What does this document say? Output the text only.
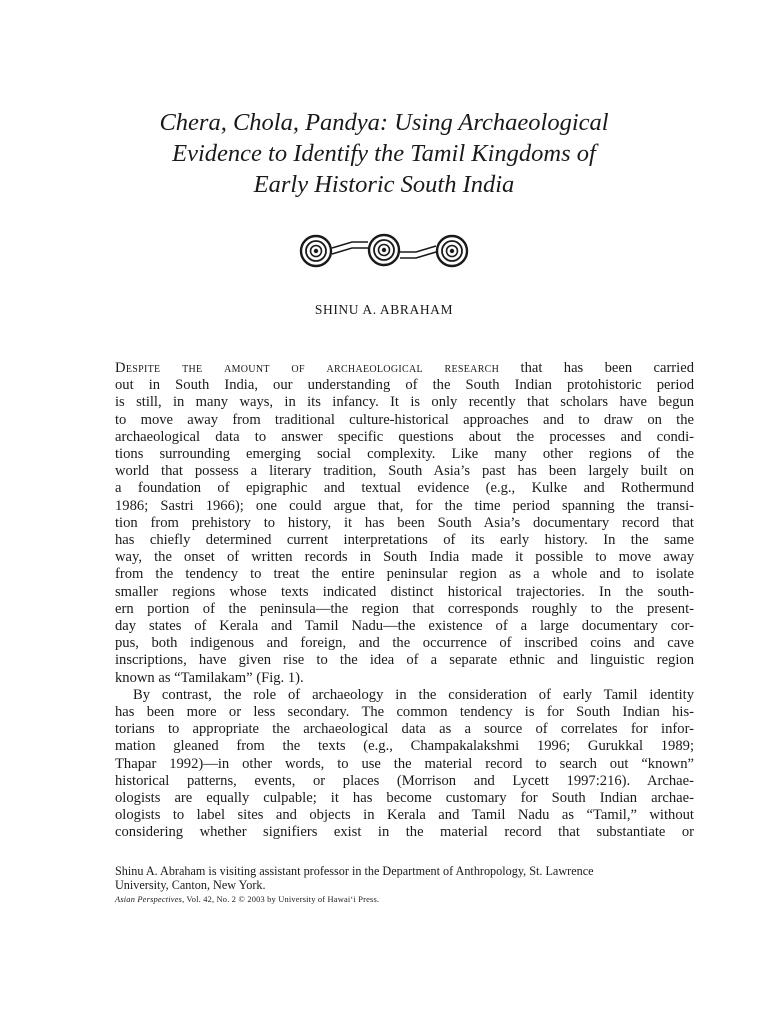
Chera, Chola, Pandya: Using Archaeological
Evidence to Identify the Tamil Kingdoms of
Early Historic South India
SHINU A. ABRAHAM

Despite the amount of archaeological research that has been carried

out in South India, our understanding of the South Indian protohistoric period

is still, in many ways, in its infancy. It is only recently that scholars have begun

to move away from traditional culture-historical approaches and to draw on the

archaeological data to answer specific questions about the processes and condi-

tions surrounding emerging social complexity. Like many other regions of the

world that possess a literary tradition, South Asia’s past has been largely built on

a foundation of epigraphic and textual evidence (e.g., Kulke and Rothermund

1986; Sastri 1966); one could argue that, for the time period spanning the transi-

tion from prehistory to history, it has been South Asia’s documentary record that

has chiefly determined current interpretations of its early history. In the same

way, the onset of written records in South India made it possible to move away

from the tendency to treat the entire peninsular region as a whole and to isolate

smaller regions whose texts indicated distinct historical trajectories. In the south-

ern portion of the peninsula—the region that corresponds roughly to the present-

day states of Kerala and Tamil Nadu—the existence of a large documentary cor-

pus, both indigenous and foreign, and the occurrence of inscribed coins and cave

inscriptions, have given rise to the idea of a separate ethnic and linguistic region

known as “Tamilakam” (Fig. 1).

By contrast, the role of archaeology in the consideration of early Tamil identity

has been more or less secondary. The common tendency is for South Indian his-

torians to appropriate the archaeological data as a source of correlates for infor-

mation gleaned from the texts (e.g., Champakalakshmi 1996; Gurukkal 1989;

Thapar 1992)—in other words, to use the material record to search out “known”

historical patterns, events, or places (Morrison and Lycett 1997:216). Archae-

ologists are equally culpable; it has become customary for South Indian archae-

ologists to label sites and objects in Kerala and Tamil Nadu as “Tamil,” without

considering whether signifiers exist in the material record that substantiate or

Shinu A. Abraham is visiting assistant professor in the Department of Anthropology, St. Lawrence

University, Canton, New York.

Asian Perspectives, Vol. 42, No. 2 © 2003 by University of Hawai‘i Press.
